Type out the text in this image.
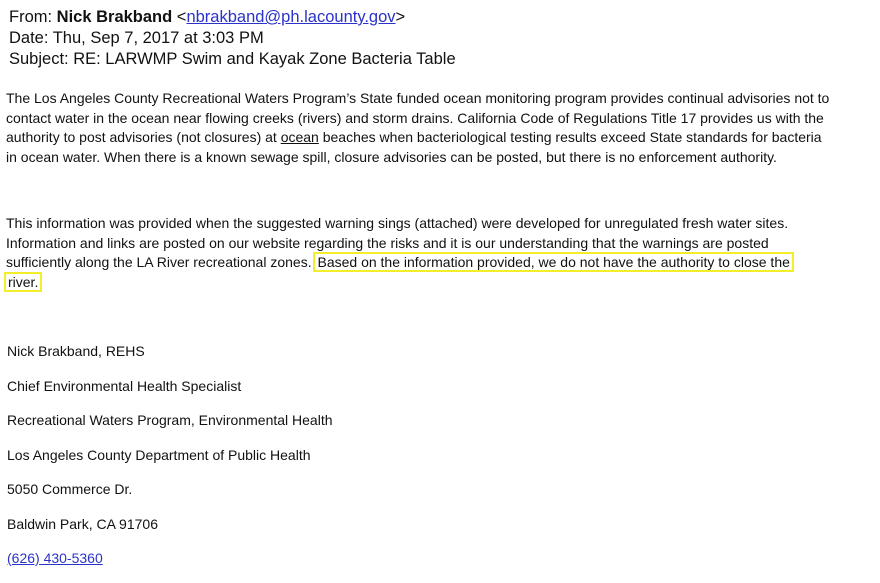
From: Nick Brakband <nbrakband@ph.lacounty.gov>
Date: Thu, Sep 7, 2017 at 3:03 PM
Subject: RE: LARWMP Swim and Kayak Zone Bacteria Table
The Los Angeles County Recreational Waters Program’s State funded ocean monitoring program provides continual advisories not to
contact water in the ocean near flowing creeks (rivers) and storm drains. California Code of Regulations Title 17 provides us with the
authority to post advisories (not closures) at ocean beaches when bacteriological testing results exceed State standards for bacteria
in ocean water. When there is a known sewage spill, closure advisories can be posted, but there is no enforcement authority.
This information was provided when the suggested warning sings (attached) were developed for unregulated fresh water sites.
Information and links are posted on our website regarding the risks and it is our understanding that the warnings are posted
sufficiently along the LA River recreational zones. Based on the information provided, we do not have the authority to close the
river.
Nick Brakband, REHS
Chief Environmental Health Specialist
Recreational Waters Program, Environmental Health
Los Angeles County Department of Public Health
5050 Commerce Dr.
Baldwin Park, CA 91706
(626) 430-5360
